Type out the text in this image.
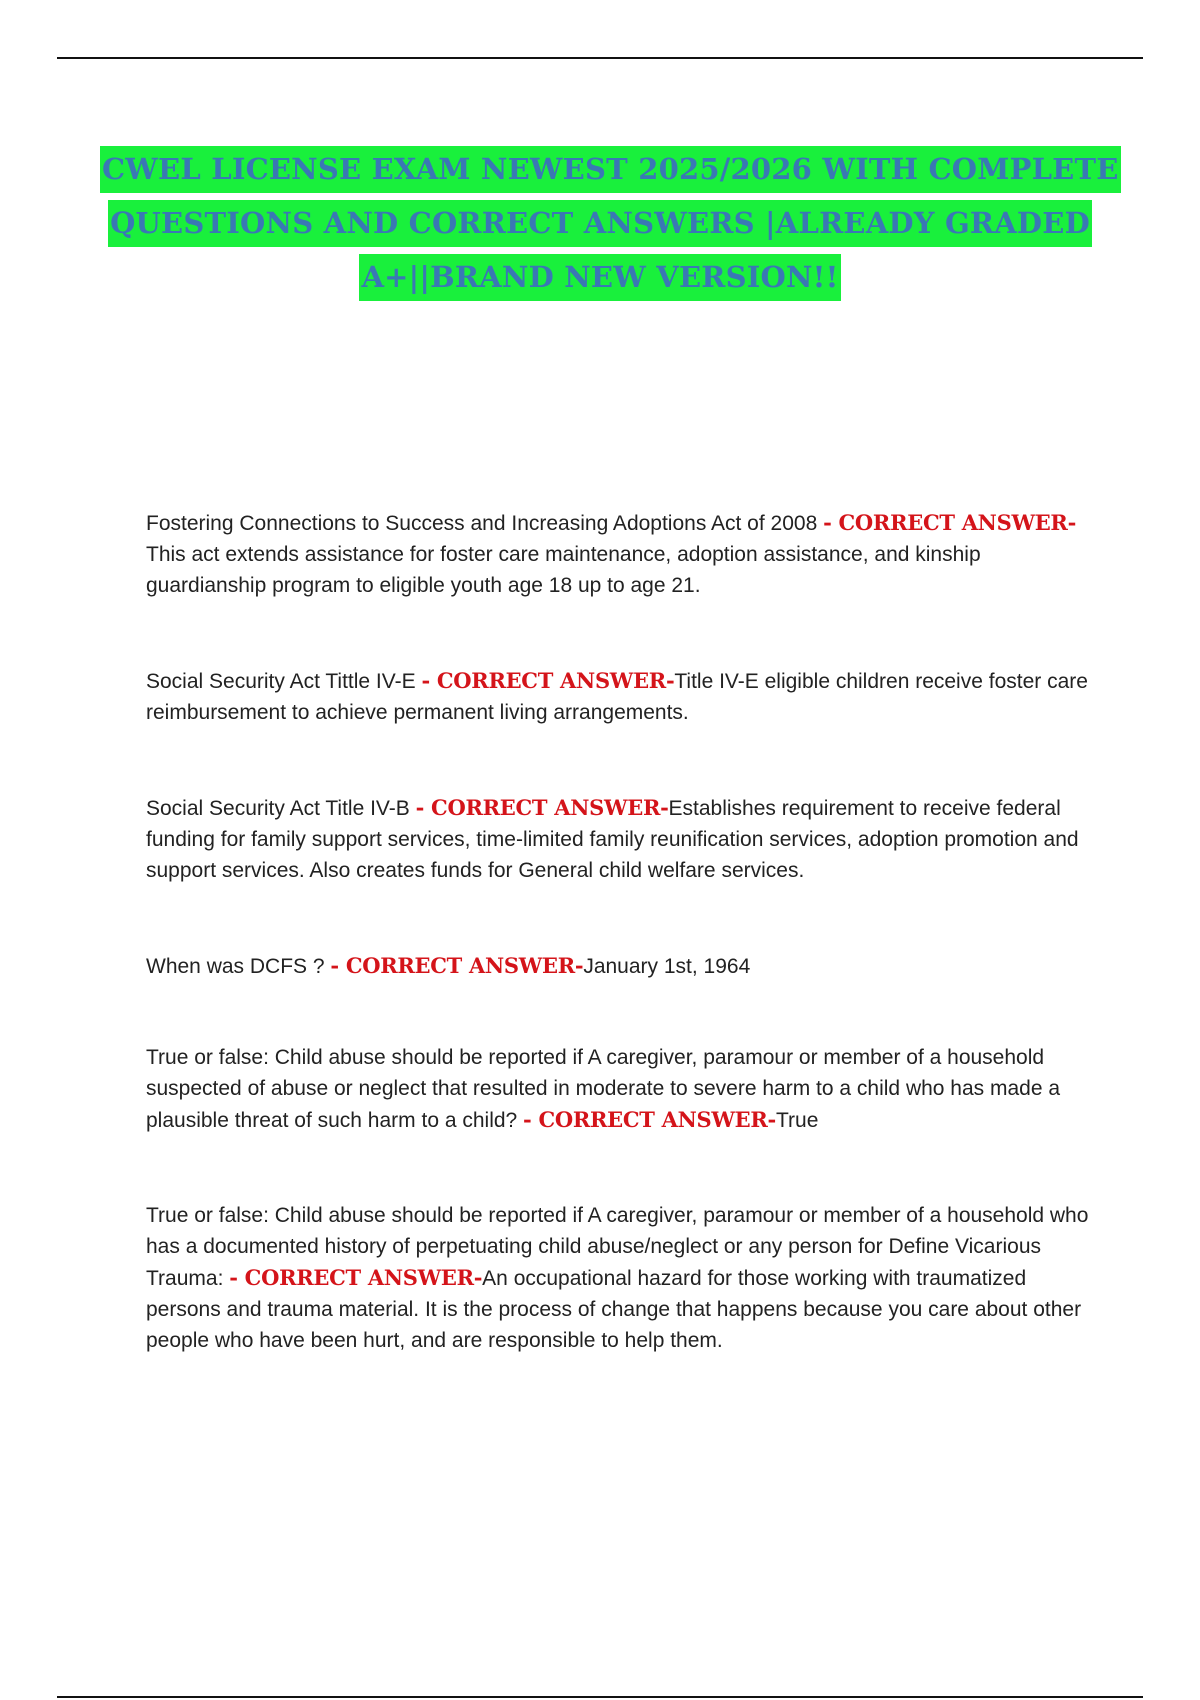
CWEL LICENSE EXAM NEWEST 2025/2026 WITH COMPLETE
QUESTIONS AND CORRECT ANSWERS |ALREADY GRADED
A+||BRAND NEW VERSION!!

Fostering Connections to Success and Increasing Adoptions Act of 2008 - CORRECT ANSWER-This act extends assistance for foster care maintenance, adoption assistance, and kinship guardianship program to eligible youth age 18 up to age 21.

Social Security Act Tittle IV-E - CORRECT ANSWER-Title IV-E eligible children receive foster care reimbursement to achieve permanent living arrangements.

Social Security Act Title IV-B - CORRECT ANSWER-Establishes requirement to receive federal funding for family support services, time-limited family reunification services, adoption promotion and support services. Also creates funds for General child welfare services.

When was DCFS ? - CORRECT ANSWER-January 1st, 1964

True or false: Child abuse should be reported if A caregiver, paramour or member of a household suspected of abuse or neglect that resulted in moderate to severe harm to a child who has made a plausible threat of such harm to a child? - CORRECT ANSWER-True

True or false: Child abuse should be reported if A caregiver, paramour or member of a household who has a documented history of perpetuating child abuse/neglect or any person for Define Vicarious Trauma: - CORRECT ANSWER-An occupational hazard for those working with traumatized persons and trauma material. It is the process of change that happens because you care about other people who have been hurt, and are responsible to help them.
